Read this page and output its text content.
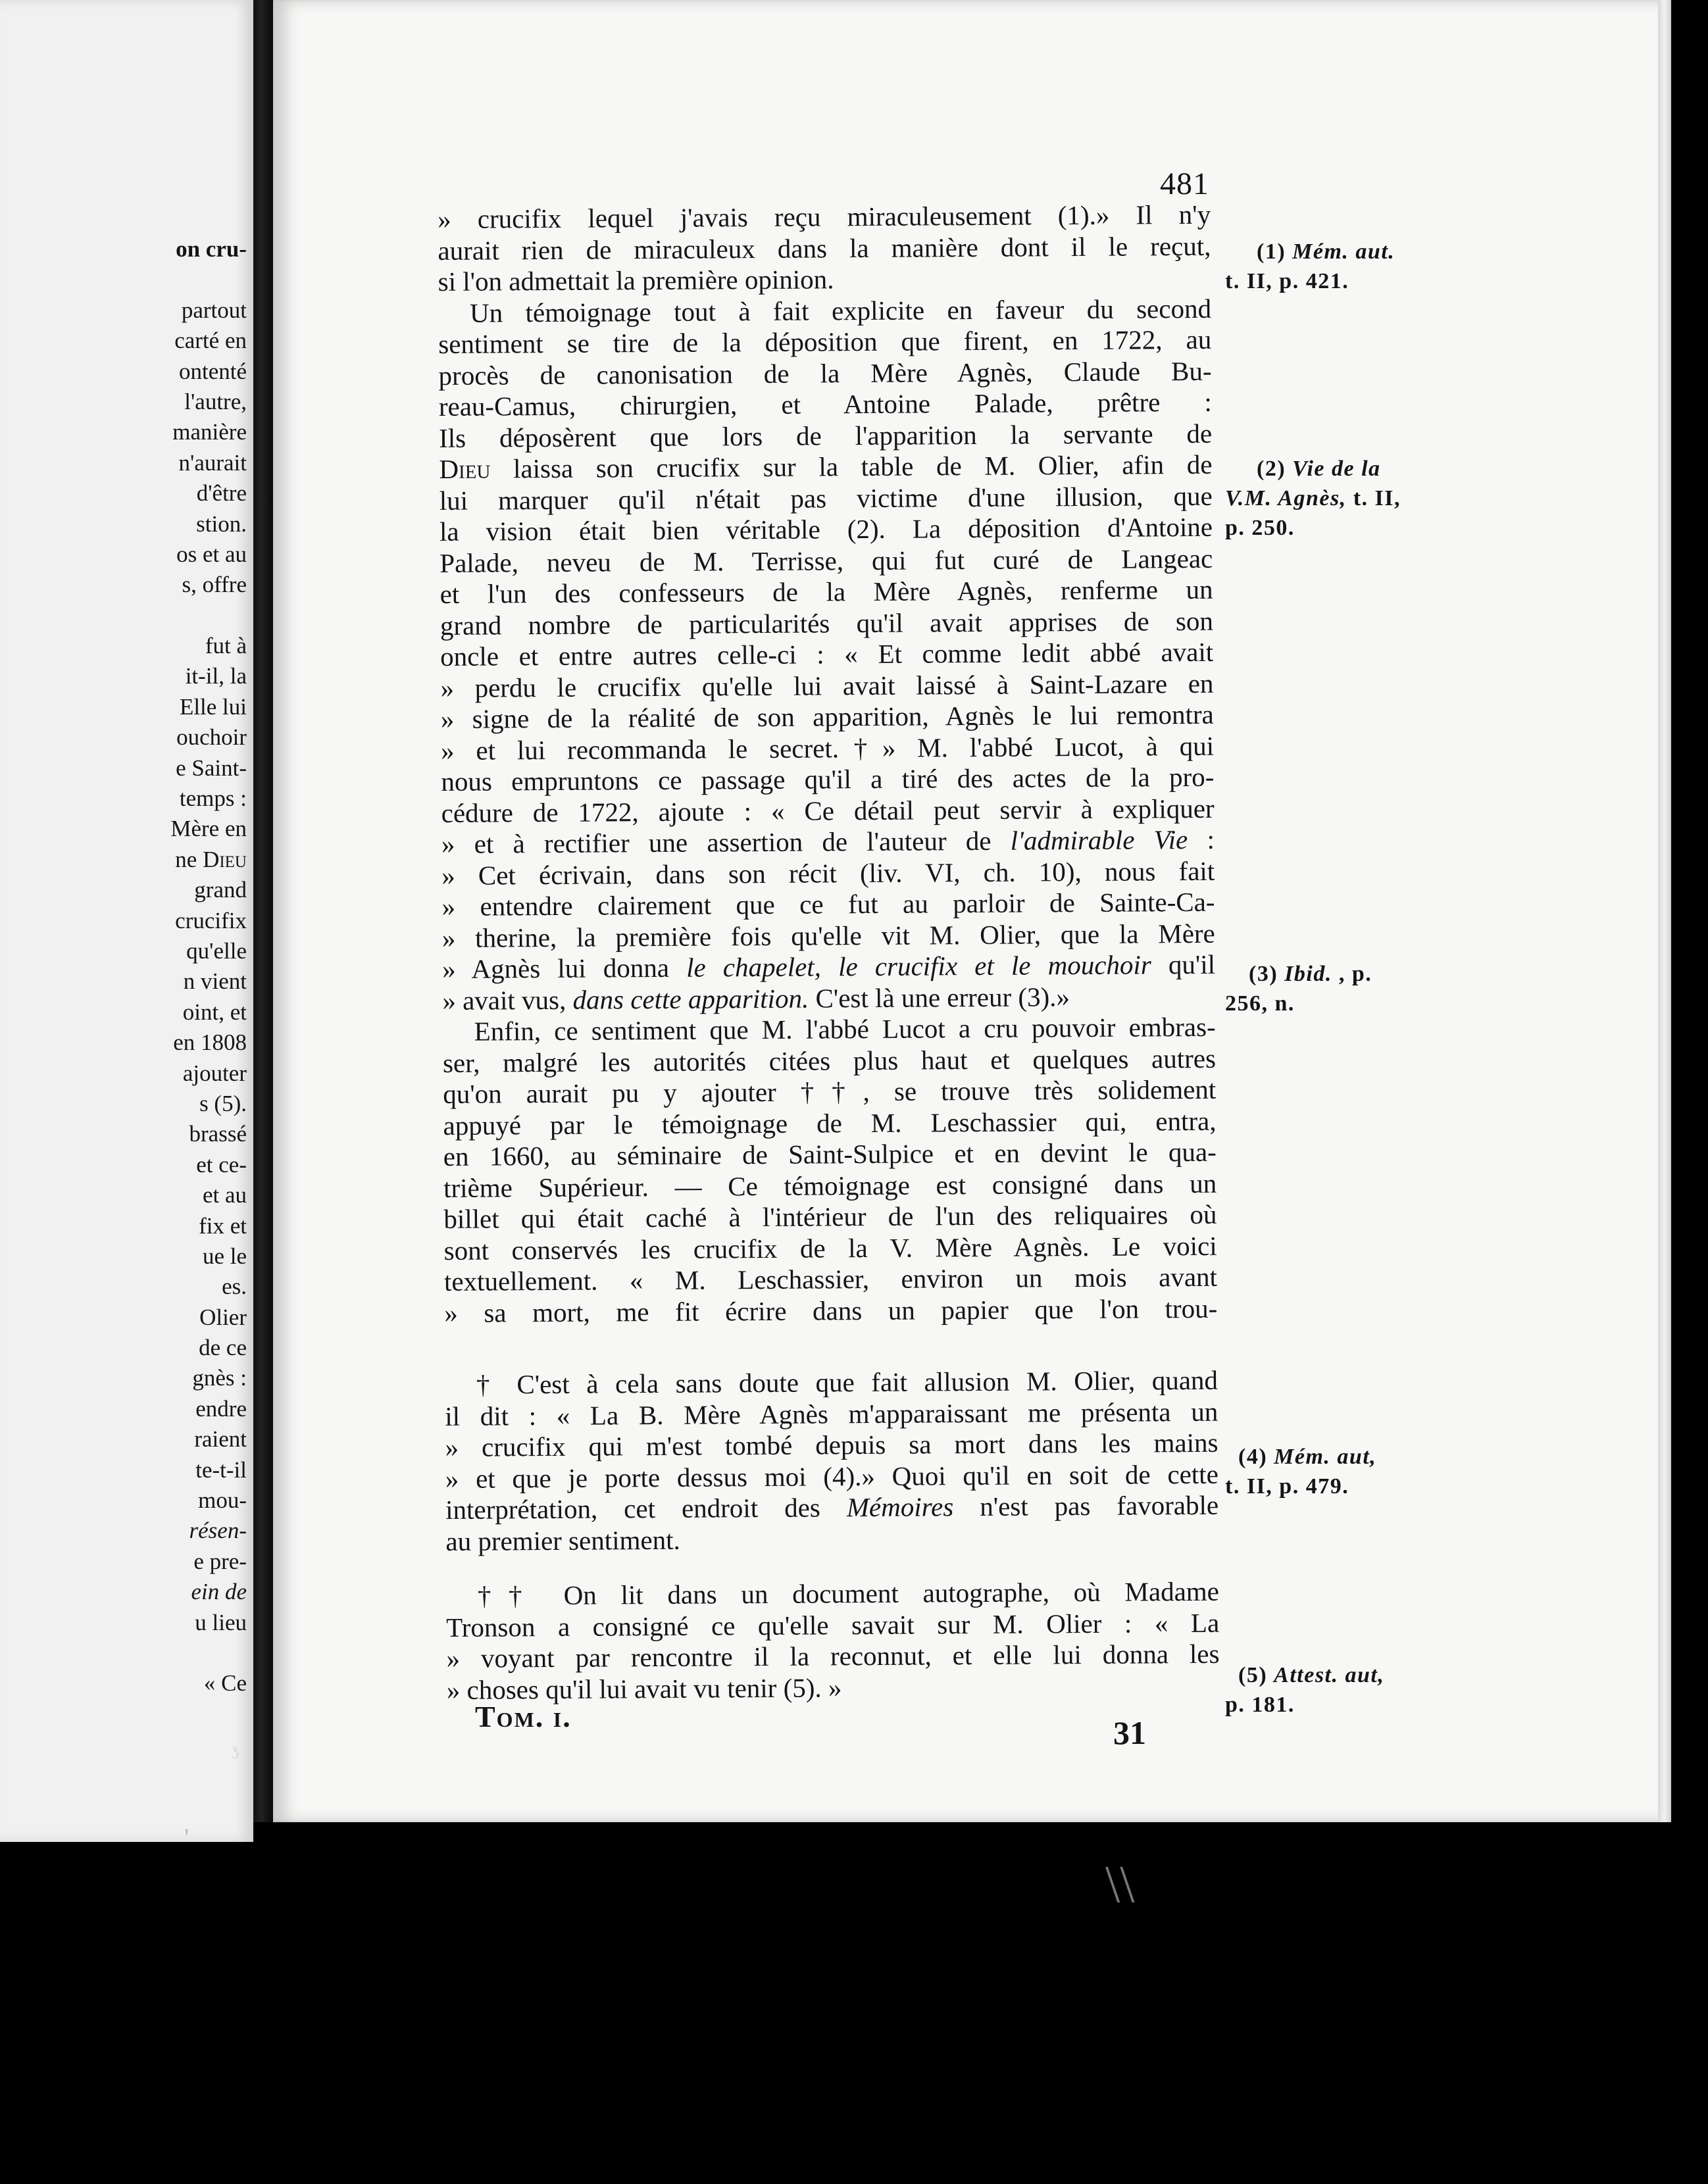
on cru-
partout
carté en
ontenté
l'autre,
manière
n'aurait
d'être
stion.
os et au
s, offre
fut à
it-il, la
Elle lui
ouchoir
e Saint-
temps :
Mère en
ne Dieu
grand
crucifix
qu'elle
n vient
oint, et
en 1808
ajouter
s (5).
brassé
et ce-
et au
fix et
ue le
es.
Olier
de ce
gnès :
endre
raient
te-t-il
mou-
résen-
e pre-
ein de
u lieu
« Ce
ʖ
'
481
» crucifix lequel j'avais reçu miraculeusement (1).» Il n'y
aurait rien de miraculeux dans la manière dont il le reçut,
si l'on admettait la première opinion.
Un témoignage tout à fait explicite en faveur du second
sentiment se tire de la déposition que firent, en 1722, au
procès de canonisation de la Mère Agnès, Claude Bu-
reau-Camus, chirurgien, et Antoine Palade, prêtre :
Ils déposèrent que lors de l'apparition la servante de
Dieu laissa son crucifix sur la table de M. Olier, afin de
lui marquer qu'il n'était pas victime d'une illusion, que
la vision était bien véritable (2). La déposition d'Antoine
Palade, neveu de M. Terrisse, qui fut curé de Langeac
et l'un des confesseurs de la Mère Agnès, renferme un
grand nombre de particularités qu'il avait apprises de son
oncle et entre autres celle-ci : « Et comme ledit abbé avait
» perdu le crucifix qu'elle lui avait laissé à Saint-Lazare en
» signe de la réalité de son apparition, Agnès le lui remontra
» et lui recommanda le secret.†» M. l'abbé Lucot, à qui
nous empruntons ce passage qu'il a tiré des actes de la pro-
cédure de 1722, ajoute : « Ce détail peut servir à expliquer
» et à rectifier une assertion de l'auteur de l'admirable Vie :
» Cet écrivain, dans son récit (liv. VI, ch. 10), nous fait
» entendre clairement que ce fut au parloir de Sainte-Ca-
» therine, la première fois qu'elle vit M. Olier, que la Mère
» Agnès lui donna le chapelet, le crucifix et le mouchoir qu'il
» avait vus, dans cette apparition. C'est là une erreur (3).»
Enfin, ce sentiment que M. l'abbé Lucot a cru pouvoir embras-
ser, malgré les autorités citées plus haut et quelques autres
qu'on aurait pu y ajouter ††, se trouve très solidement
appuyé par le témoignage de M. Leschassier qui, entra,
en 1660, au séminaire de Saint-Sulpice et en devint le qua-
trième Supérieur. — Ce témoignage est consigné dans un
billet qui était caché à l'intérieur de l'un des reliquaires où
sont conservés les crucifix de la V. Mère Agnès. Le voici
textuellement. « M. Leschassier, environ un mois avant
» sa mort, me fit écrire dans un papier que l'on trou-
† C'est à cela sans doute que fait allusion M. Olier, quand
il dit : « La B. Mère Agnès m'apparaissant me présenta un
» crucifix qui m'est tombé depuis sa mort dans les mains
» et que je porte dessus moi (4).» Quoi qu'il en soit de cette
interprétation, cet endroit des Mémoires n'est pas favorable
au premier sentiment.
†† On lit dans un document autographe, où Madame
Tronson a consigné ce qu'elle savait sur M. Olier : « La
» voyant par rencontre il la reconnut, et elle lui donna les
» choses qu'il lui avait vu tenir (5). »
(1) Mém. aut.
t. II, p. 421.
(2) Vie de la
V.M. Agnès, t. II,
p. 250.
(3) Ibid. , p.
256, n.
(4) Mém. aut,
t. II, p. 479.
(5) Attest. aut,
p. 181.
Tom. i.	31
\ \
